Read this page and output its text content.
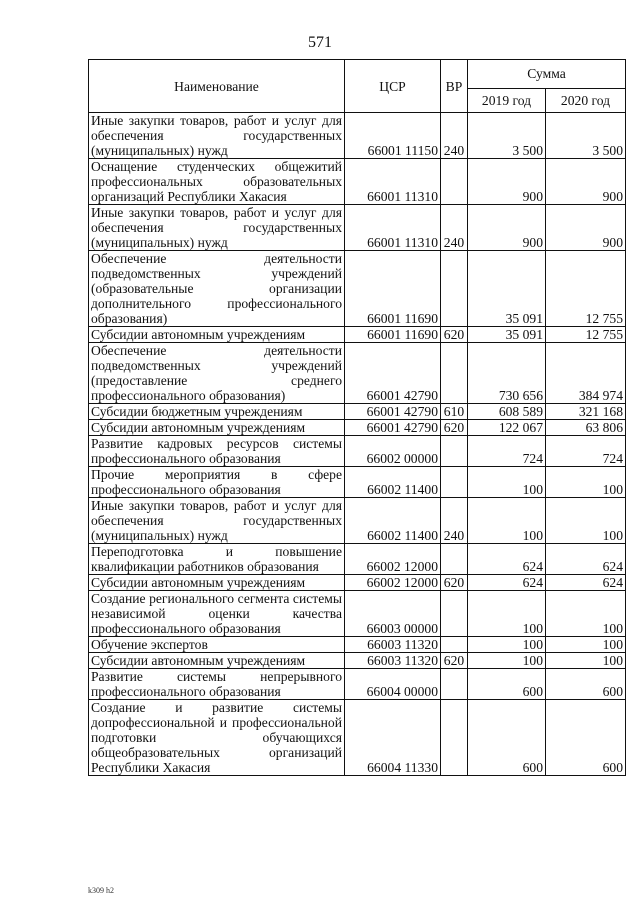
571
Наименование	ЦСР	ВР	Сумма	
			2019 год	2020 год
Иные закупки товаров, работ и услуг для обеспечения государственных (муниципальных) нужд	66001 11150	240	3 500	3 500
Оснащение студенческих общежитий профессиональных образовательных организаций Республики Хакасия	66001 11310		900	900
Иные закупки товаров, работ и услуг для обеспечения государственных (муниципальных) нужд	66001 11310	240	900	900
Обеспечение деятельности подведомственных учреждений (образовательные организации дополнительного профессионального образования)	66001 11690		35 091	12 755
Субсидии автономным учреждениям	66001 11690	620	35 091	12 755
Обеспечение деятельности подведомственных учреждений (предоставление среднего профессионального образования)	66001 42790		730 656	384 974
Субсидии бюджетным учреждениям	66001 42790	610	608 589	321 168
Субсидии автономным учреждениям	66001 42790	620	122 067	63 806
Развитие кадровых ресурсов системы профессионального образования	66002 00000		724	724
Прочие мероприятия в сфере профессионального образования	66002 11400		100	100
Иные закупки товаров, работ и услуг для обеспечения государственных (муниципальных) нужд	66002 11400	240	100	100
Переподготовка и повышение квалификации работников образования	66002 12000		624	624
Субсидии автономным учреждениям	66002 12000	620	624	624
Создание регионального сегмента системы независимой оценки качества профессионального образования	66003 00000		100	100
Обучение экспертов	66003 11320		100	100
Субсидии автономным учреждениям	66003 11320	620	100	100
Развитие системы непрерывного профессионального образования	66004 00000		600	600
Создание и развитие системы допрофессиональной и профессиональной подготовки обучающихся общеобразовательных организаций Республики Хакасия	66004 11330		600	600
k309 h2
